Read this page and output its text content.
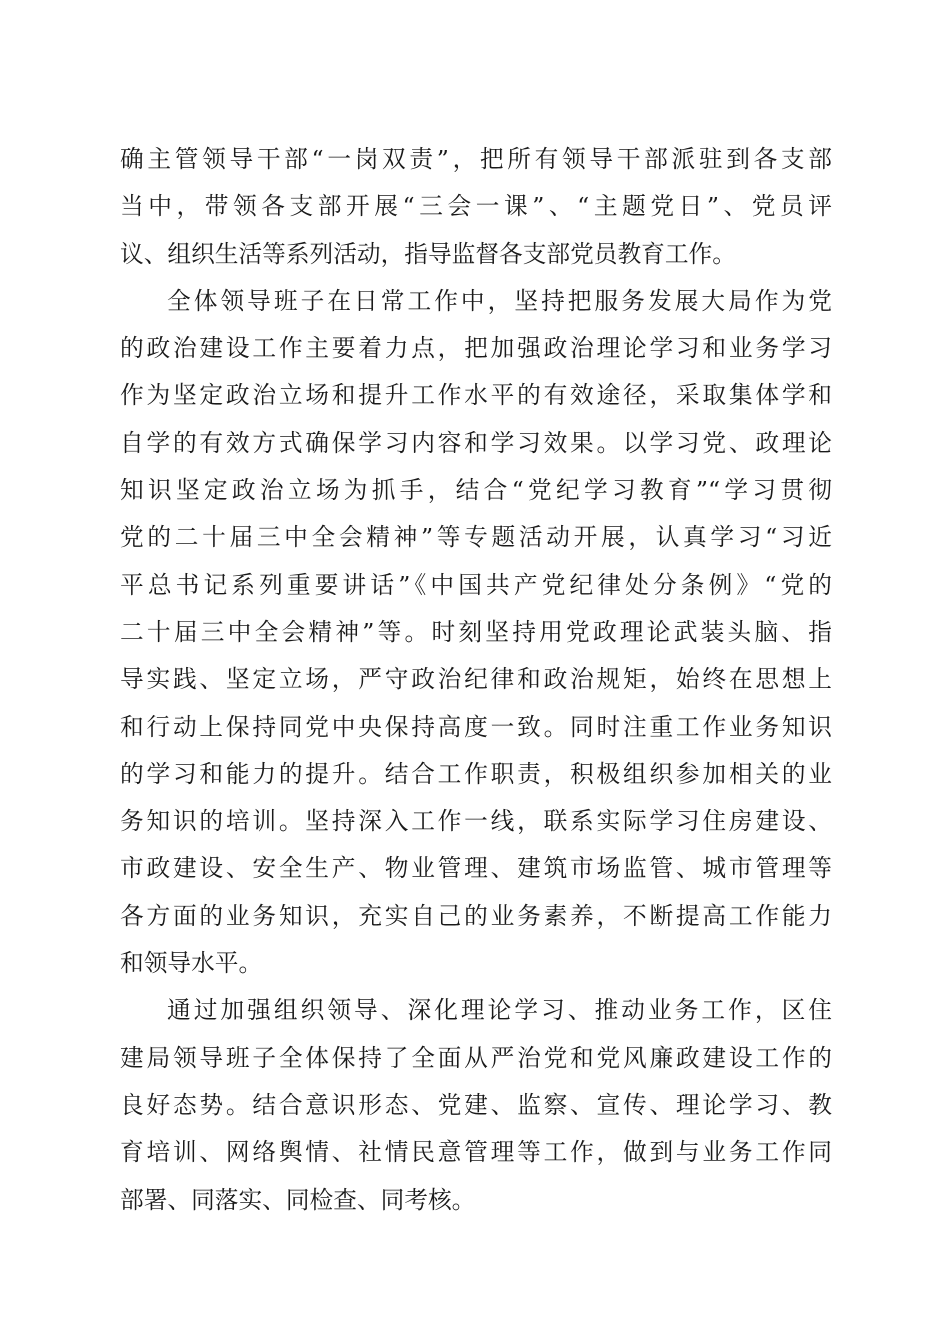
确主管领导干部“一岗双责”，把所有领导干部派驻到各支部
当中，带领各支部开展“三会一课”、“主题党日”、党员评
议、组织生活等系列活动，指导监督各支部党员教育工作。
全体领导班子在日常工作中，坚持把服务发展大局作为党
的政治建设工作主要着力点，把加强政治理论学习和业务学习
作为坚定政治立场和提升工作水平的有效途径，采取集体学和
自学的有效方式确保学习内容和学习效果。以学习党、政理论
知识坚定政治立场为抓手，结合“党纪学习教育”“学习贯彻
党的二十届三中全会精神”等专题活动开展，认真学习“习近
平总书记系列重要讲话”《中国共产党纪律处分条例》“党的
二十届三中全会精神”等。时刻坚持用党政理论武装头脑、指
导实践、坚定立场，严守政治纪律和政治规矩，始终在思想上
和行动上保持同党中央保持高度一致。同时注重工作业务知识
的学习和能力的提升。结合工作职责，积极组织参加相关的业
务知识的培训。坚持深入工作一线，联系实际学习住房建设、
市政建设、安全生产、物业管理、建筑市场监管、城市管理等
各方面的业务知识，充实自己的业务素养，不断提高工作能力
和领导水平。
通过加强组织领导、深化理论学习、推动业务工作，区住
建局领导班子全体保持了全面从严治党和党风廉政建设工作的
良好态势。结合意识形态、党建、监察、宣传、理论学习、教
育培训、网络舆情、社情民意管理等工作，做到与业务工作同
部署、同落实、同检查、同考核。
